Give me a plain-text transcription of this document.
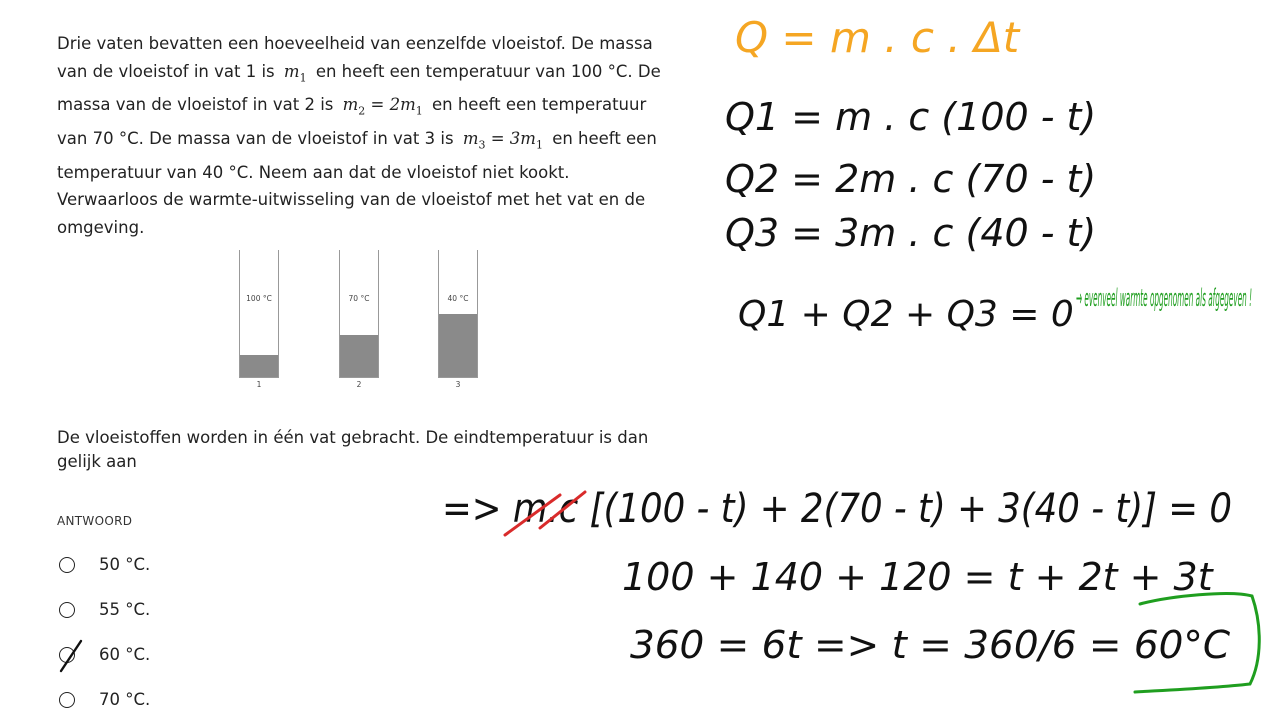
Drie vaten bevatten een hoeveelheid van eenzelfde vloeistof. De massa van de vloeistof in vat 1 is $m_1$ en heeft een temperatuur van 100 °C. De massa van de vloeistof in vat 2 is $m_2 = 2m_1$ en heeft een temperatuur van 70 °C. De massa van de vloeistof in vat 3 is $m_3 = 3m_1$ en heeft een temperatuur van 40 °C. Neem aan dat de vloeistof niet kookt. Verwaarloos de warmte-uitwisseling van de vloeistof met het vat en de omgeving.

100 °C
1
70 °C
2
40 °C
3
De vloeistoffen worden in één vat gebracht. De eindtemperatuur is dan gelijk aan
ANTWOORD
50 °C.
55 °C.
60 °C.
70 °C.
Q = m . c . Δt
Q1 = m . c (100 - t)
Q2 = 2m . c (70 - t)
Q3 = 3m . c (40 - t)
Q1 + Q2 + Q3 = 0 → evenveel warmte opgenomen als afgegeven !
=> m.c [(100 - t) + 2(70 - t) + 3(40 - t)] = 0
100 + 140 + 120 = t + 2t + 3t
360 = 6t => t = 360/6 = 60°C
